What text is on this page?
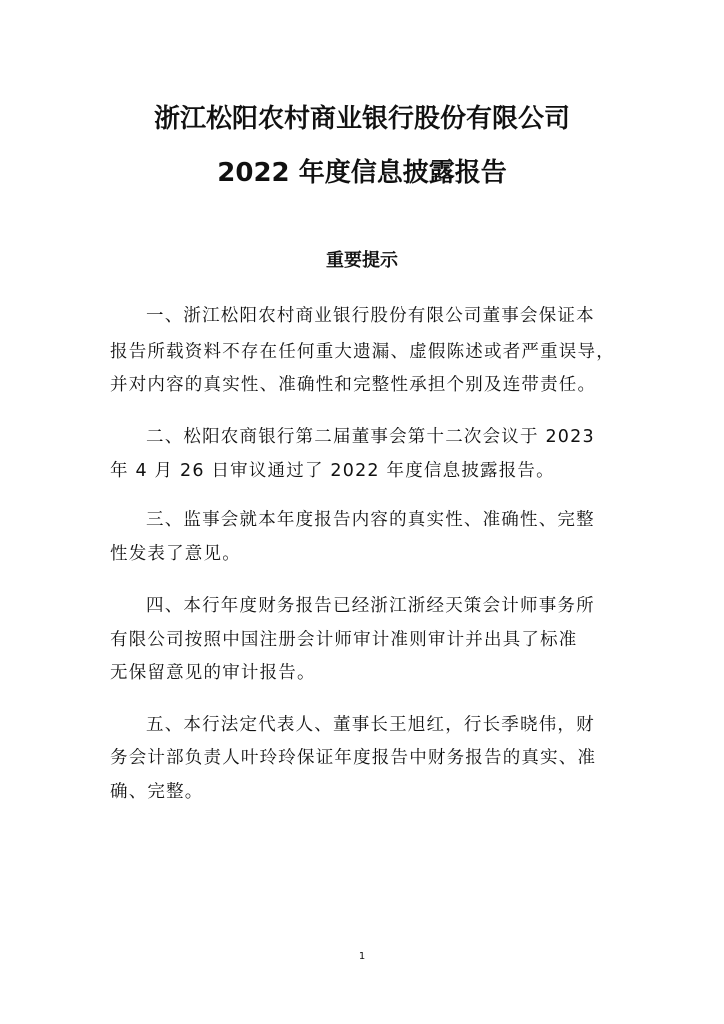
浙江松阳农村商业银行股份有限公司
2022 年度信息披露报告
重要提示
一、浙江松阳农村商业银行股份有限公司董事会保证本
报告所载资料不存在任何重大遗漏、虚假陈述或者严重误导，
并对内容的真实性、准确性和完整性承担个别及连带责任。
二、松阳农商银行第二届董事会第十二次会议于 2023
年 4 月 26 日审议通过了 2022 年度信息披露报告。
三、监事会就本年度报告内容的真实性、准确性、完整
性发表了意见。
四、本行年度财务报告已经浙江浙经天策会计师事务所
有限公司按照中国注册会计师审计准则审计并出具了标准
无保留意见的审计报告。
五、本行法定代表人、董事长王旭红，行长季晓伟，财
务会计部负责人叶玲玲保证年度报告中财务报告的真实、准
确、完整。
1
